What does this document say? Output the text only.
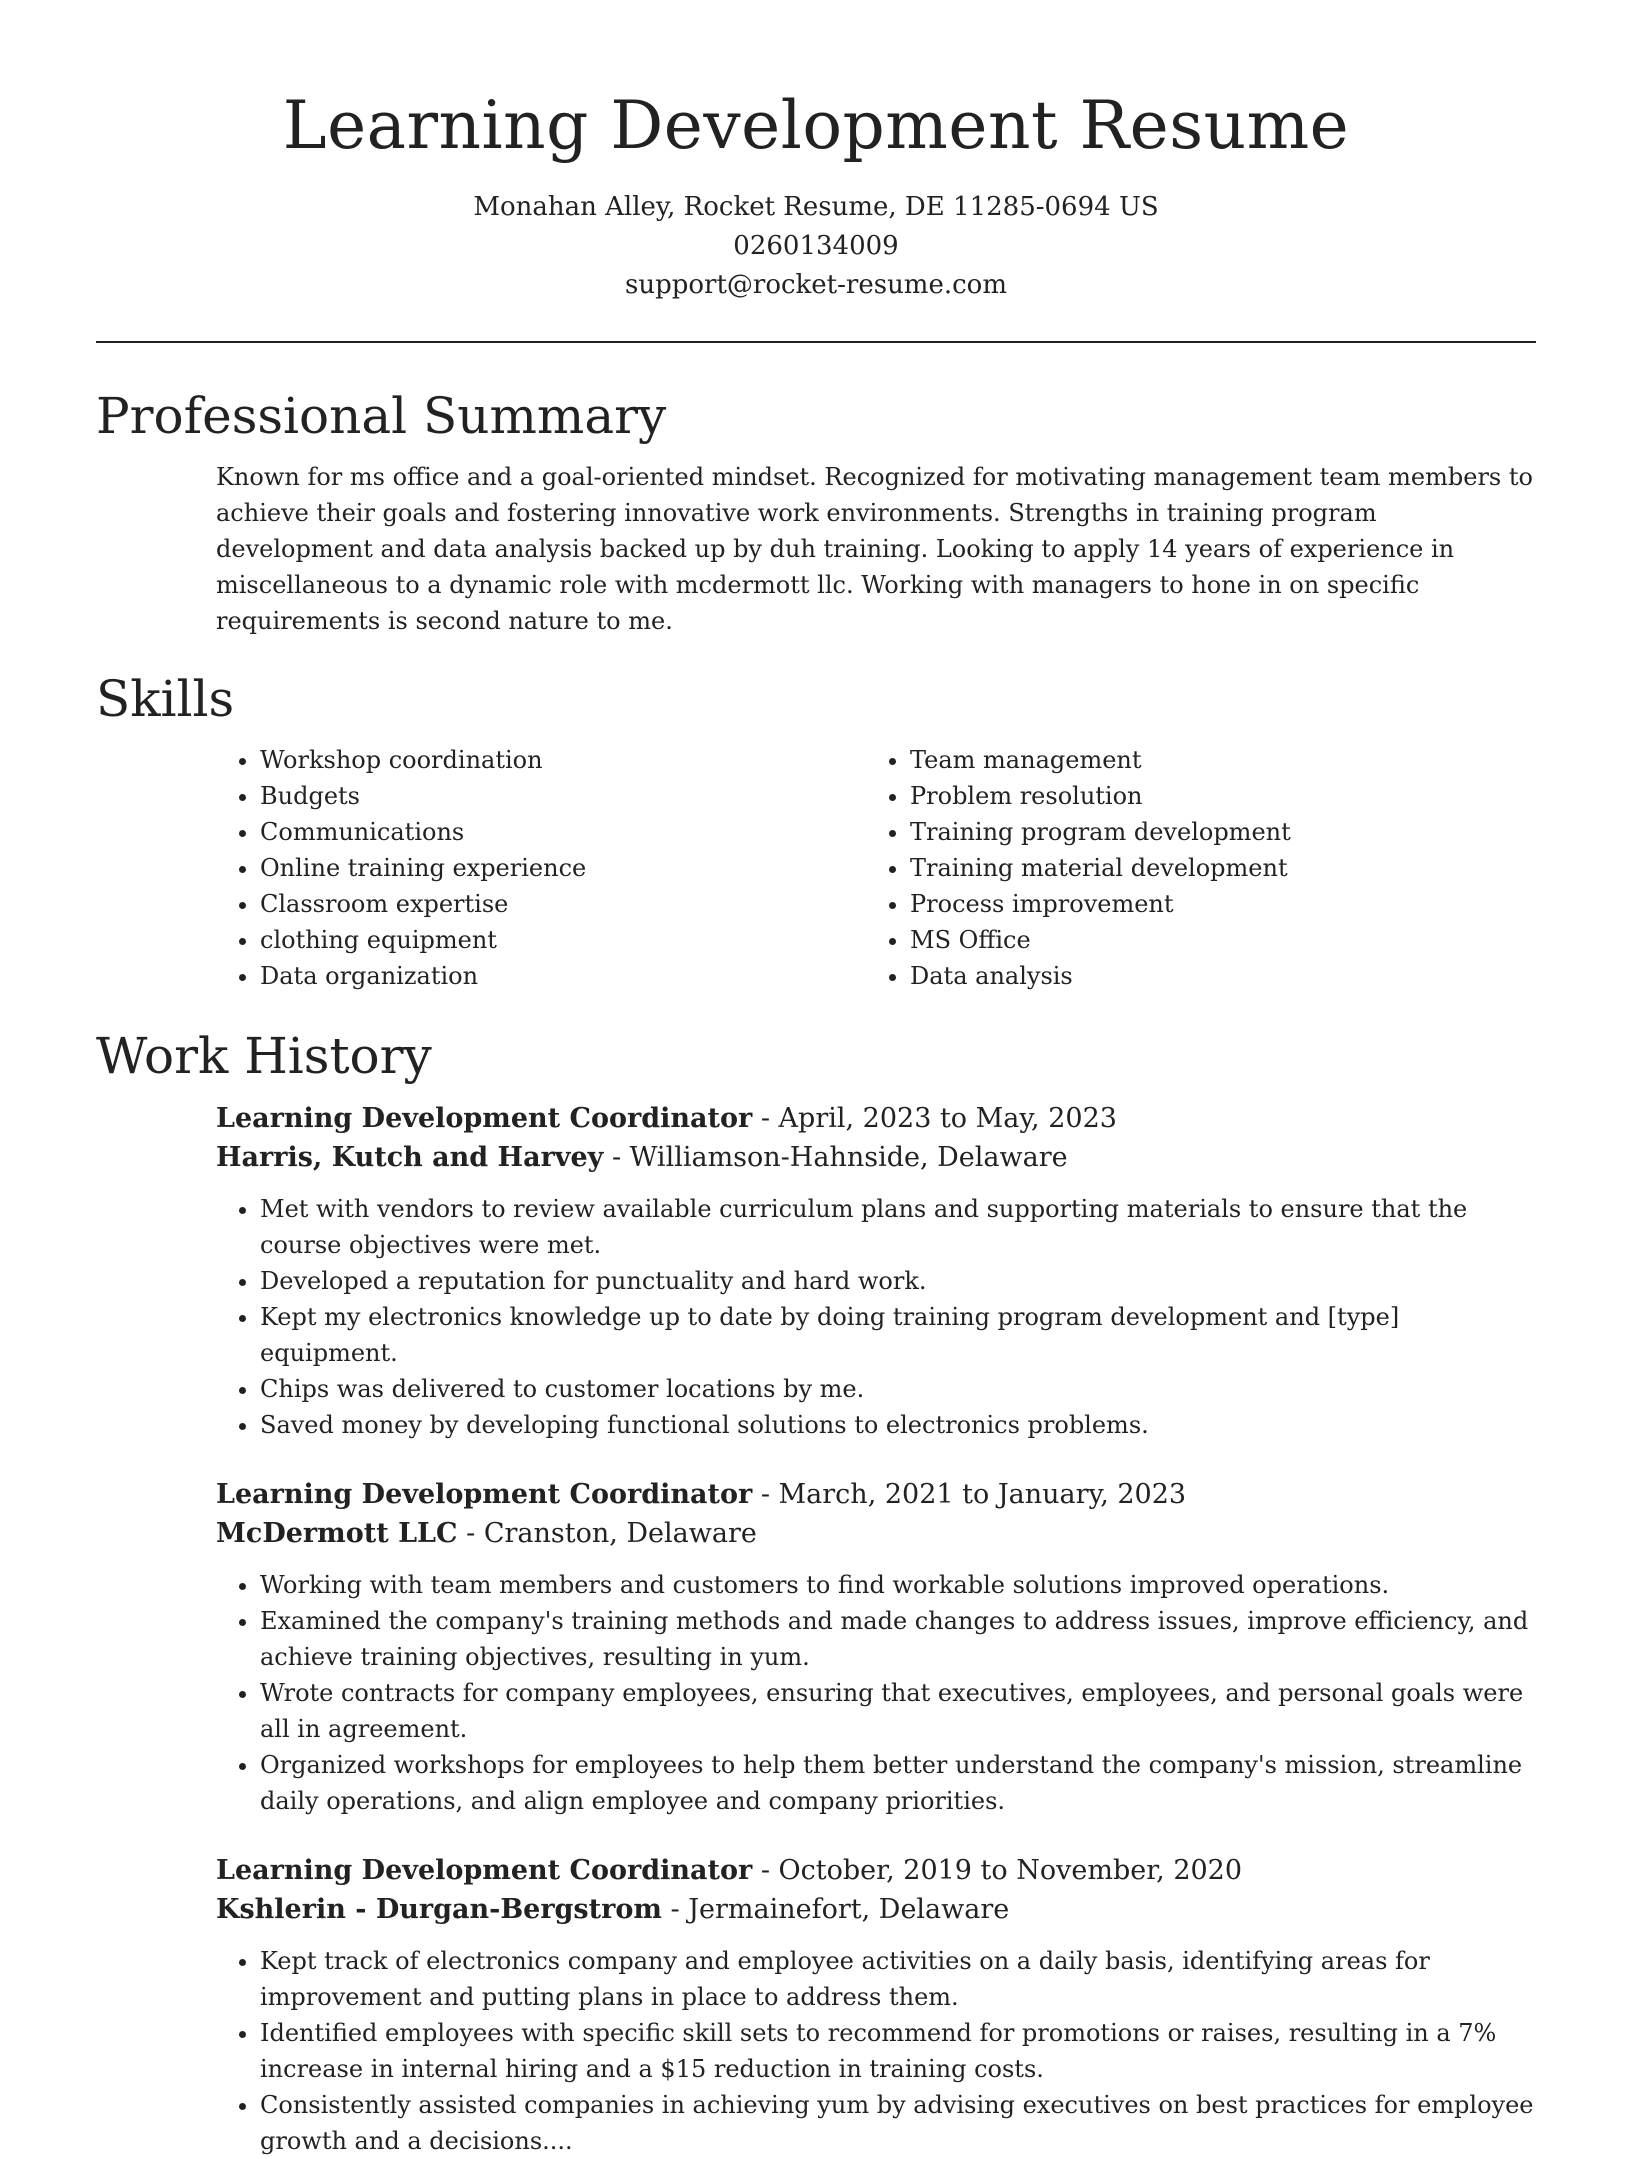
Learning Development Resume

Monahan Alley, Rocket Resume, DE 11285-0694 US

0260134009

support@rocket-resume.com

Professional Summary

Known for ms office and a goal-oriented mindset. Recognized for motivating management team members to achieve their goals and fostering innovative work environments. Strengths in training program development and data analysis backed up by duh training. Looking to apply 14 years of experience in miscellaneous to a dynamic role with mcdermott llc. Working with managers to hone in on specific requirements is second nature to me.

Skills
• Workshop coordination
• Budgets
• Communications
• Online training experience
• Classroom expertise
• clothing equipment
• Data organization
• Team management
• Problem resolution
• Training program development
• Training material development
• Process improvement
• MS Office
• Data analysis
Work History

Learning Development Coordinator - April, 2023 to May, 2023

Harris, Kutch and Harvey - Williamson-Hahnside, Delaware

• Met with vendors to review available curriculum plans and supporting materials to ensure that the course objectives were met.
• Developed a reputation for punctuality and hard work.
• Kept my electronics knowledge up to date by doing training program development and [type] equipment.
• Chips was delivered to customer locations by me.
• Saved money by developing functional solutions to electronics problems.

Learning Development Coordinator - March, 2021 to January, 2023

McDermott LLC - Cranston, Delaware

• Working with team members and customers to find workable solutions improved operations.
• Examined the company's training methods and made changes to address issues, improve efficiency, and achieve training objectives, resulting in yum.
• Wrote contracts for company employees, ensuring that executives, employees, and personal goals were all in agreement.
• Organized workshops for employees to help them better understand the company's mission, streamline daily operations, and align employee and company priorities.

Learning Development Coordinator - October, 2019 to November, 2020

Kshlerin - Durgan-Bergstrom - Jermainefort, Delaware

• Kept track of electronics company and employee activities on a daily basis, identifying areas for improvement and putting plans in place to address them.
• Identified employees with specific skill sets to recommend for promotions or raises, resulting in a 7% increase in internal hiring and a $15 reduction in training costs.
• Consistently assisted companies in achieving yum by advising executives on best practices for employee growth and a decisions....
